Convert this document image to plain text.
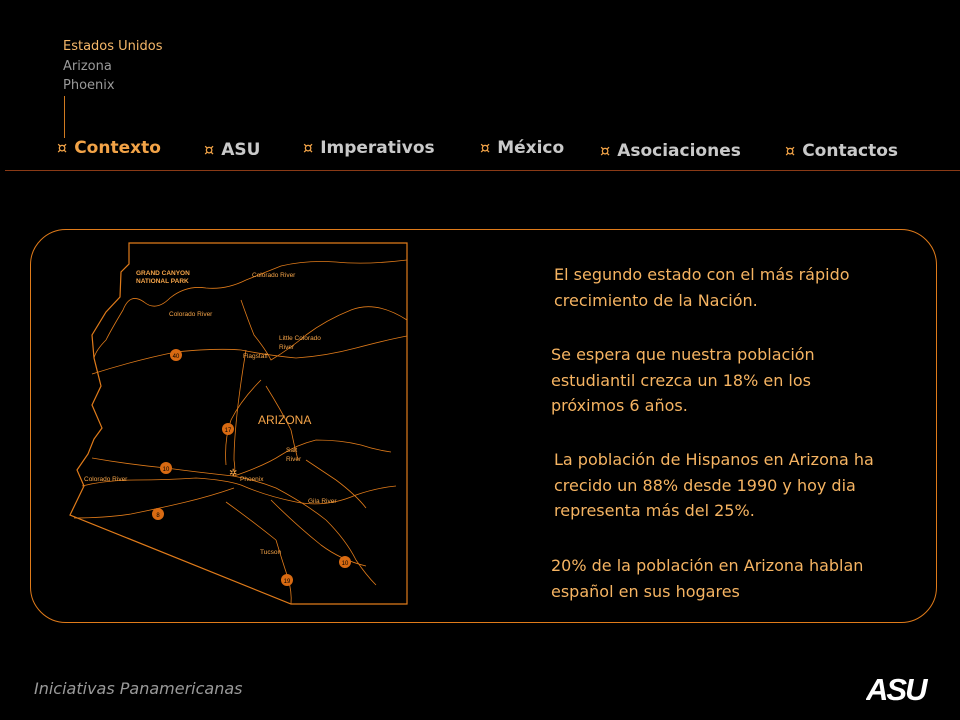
Estados Unidos
Arizona
Phoenix
¤ Contexto	¤ ASU	¤ Imperativos	¤ México ¤ Asociaciones	¤ Contactos
✲
40
17
10
8
10
19
GRAND CANYON
NATIONAL PARK
Colorado River
Colorado River
Little Colorado
River
Flagstaff
ARIZONA
Salt
River
Phoenix
Colorado River
Gila River
Tucson
El segundo estado con el más rápido crecimiento de la Nación.
Se espera que nuestra población estudiantil crezca un 18% en los próximos 6 años.
La población de Hispanos en Arizona ha crecido un 88% desde 1990 y hoy dia representa más del 25%.
20% de la población en Arizona hablan español en sus hogares
Iniciativas Panamericanas	ASU
